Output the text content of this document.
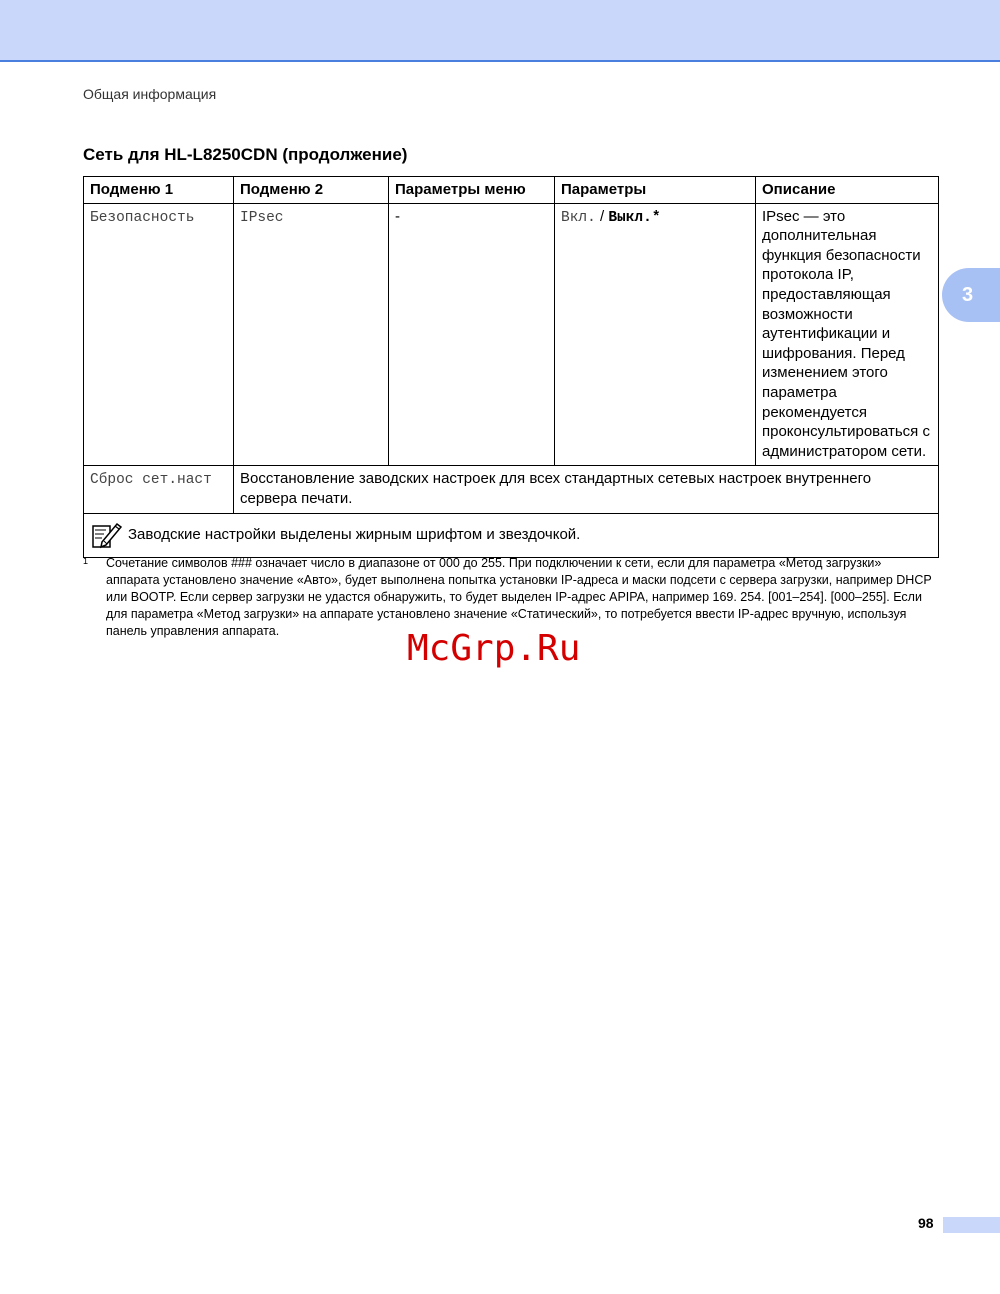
Общая информация
Сеть для HL-L8250CDN (продолжение)
3
Подменю 1	Подменю 2	Параметры меню	Параметры	Описание
Безопасность	IPsec	-	Вкл. / Выкл.*	IPsec — это дополнительная функция безопасности протокола IP, предоставляющая возможности аутентификации и шифрования. Перед изменением этого параметра рекомендуется проконсультироваться с администратором сети.
Сброс сет.наст	Восстановление заводских настроек для всех стандартных сетевых настроек внутреннего сервера печати.			

Заводские настройки выделены жирным шрифтом и звездочкой.				
1	Сочетание символов ### означает число в диапазоне от 000 до 255. При подключении к сети, если для параметра «Метод загрузки» аппарата установлено значение «Авто», будет выполнена попытка установки IP-адреса и маски подсети с сервера загрузки, например DHCP или BOOTP. Если сервер загрузки не удастся обнаружить, то будет выделен IP-адрес APIPA, например 169. 254. [001–254]. [000–255]. Если для параметра «Метод загрузки» на аппарате установлено значение «Статический», то потребуется ввести IP-адрес вручную, используя панель управления аппарата.	McGrp.Ru
98
